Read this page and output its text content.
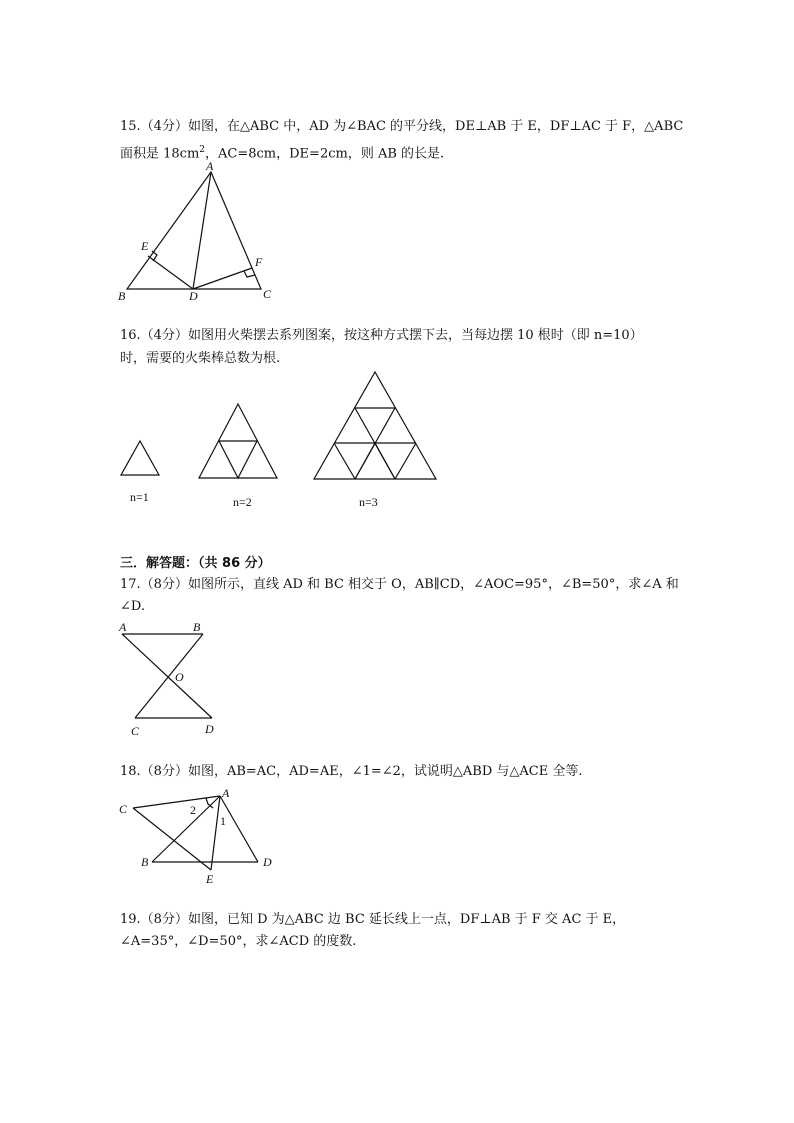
15.（4分）如图，在△ABC 中，AD 为∠BAC 的平分线，DE⊥AB 于 E，DF⊥AC 于 F，△ABC
面积是 $18cm^2$，AC=8cm，DE=2cm，则 AB 的长是.
A
B	C
D
E
F
16.（4分）如图用火柴摆去系列图案，按这种方式摆下去，当每边摆 10 根时（即 n=10）
时，需要的火柴棒总数为根.
n=1	n=2	n=3
三．解答题：（共 86 分）
17.（8分）如图所示，直线 AD 和 BC 相交于 O，AB∥CD，∠AOC=95°，∠B=50°，求∠A 和
∠D.
A	B
C	D
O
18.（8分）如图，AB=AC，AD=AE，∠1=∠2，试说明△ABD 与△ACE 全等.
A
B
C
D
E
1
2
19.（8分）如图，已知 D 为△ABC 边 BC 延长线上一点，DF⊥AB 于 F 交 AC 于 E，
∠A=35°，∠D=50°，求∠ACD 的度数.
